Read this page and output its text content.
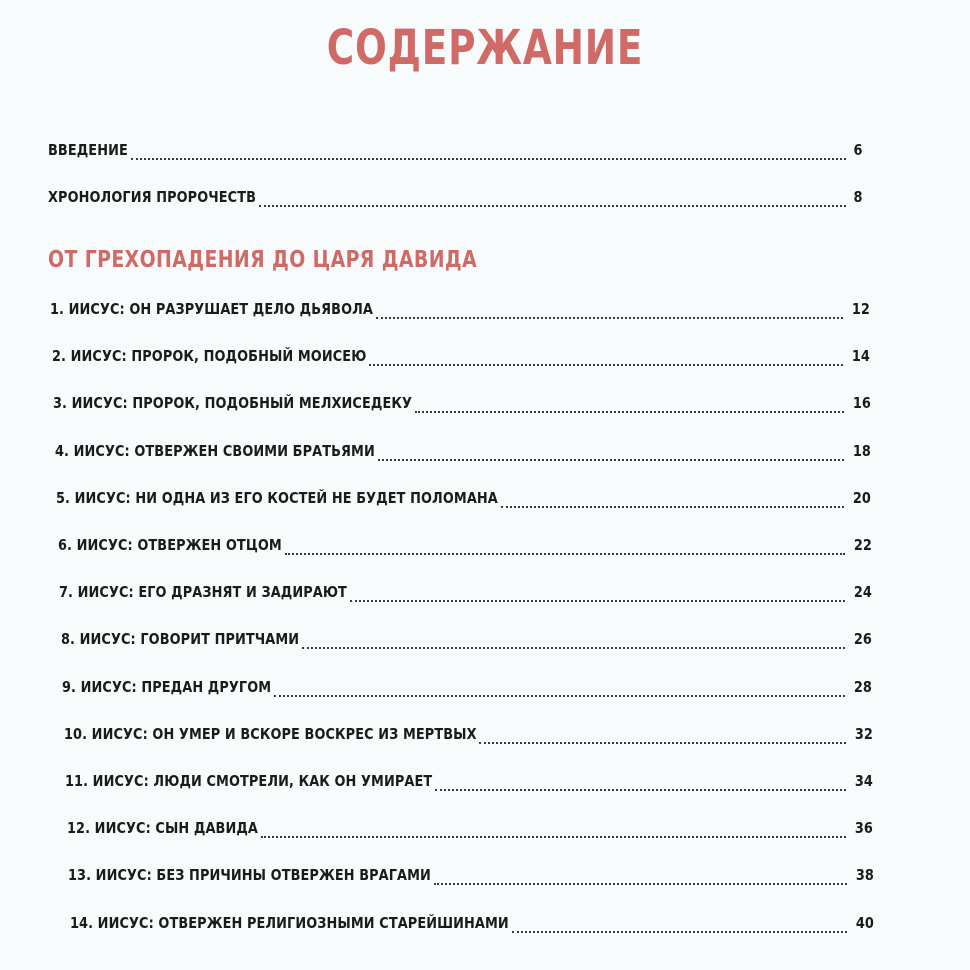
СОДЕРЖАНИЕ
ВВЕДЕНИЕ	6
ХРОНОЛОГИЯ ПРОРОЧЕСТВ	8
ОТ ГРЕХОПАДЕНИЯ ДО ЦАРЯ ДАВИДА
1. ИИСУС: ОН РАЗРУШАЕТ ДЕЛО ДЬЯВОЛА	12
2. ИИСУС: ПРОРОК, ПОДОБНЫЙ МОИСЕЮ	14
3. ИИСУС: ПРОРОК, ПОДОБНЫЙ МЕЛХИСЕДЕКУ	16
4. ИИСУС: ОТВЕРЖЕН СВОИМИ БРАТЬЯМИ	18
5. ИИСУС: НИ ОДНА ИЗ ЕГО КОСТЕЙ НЕ БУДЕТ ПОЛОМАНА	20
6. ИИСУС: ОТВЕРЖЕН ОТЦОМ	22
7. ИИСУС: ЕГО ДРАЗНЯТ И ЗАДИРАЮТ	24
8. ИИСУС: ГОВОРИТ ПРИТЧАМИ	26
9. ИИСУС: ПРЕДАН ДРУГОМ	28
10. ИИСУС: ОН УМЕР И ВСКОРЕ ВОСКРЕС ИЗ МЕРТВЫХ	32
11. ИИСУС: ЛЮДИ СМОТРЕЛИ, КАК ОН УМИРАЕТ	34
12. ИИСУС: СЫН ДАВИДА	36
13. ИИСУС: БЕЗ ПРИЧИНЫ ОТВЕРЖЕН ВРАГАМИ	38
14. ИИСУС: ОТВЕРЖЕН РЕЛИГИОЗНЫМИ СТАРЕЙШИНАМИ	40
